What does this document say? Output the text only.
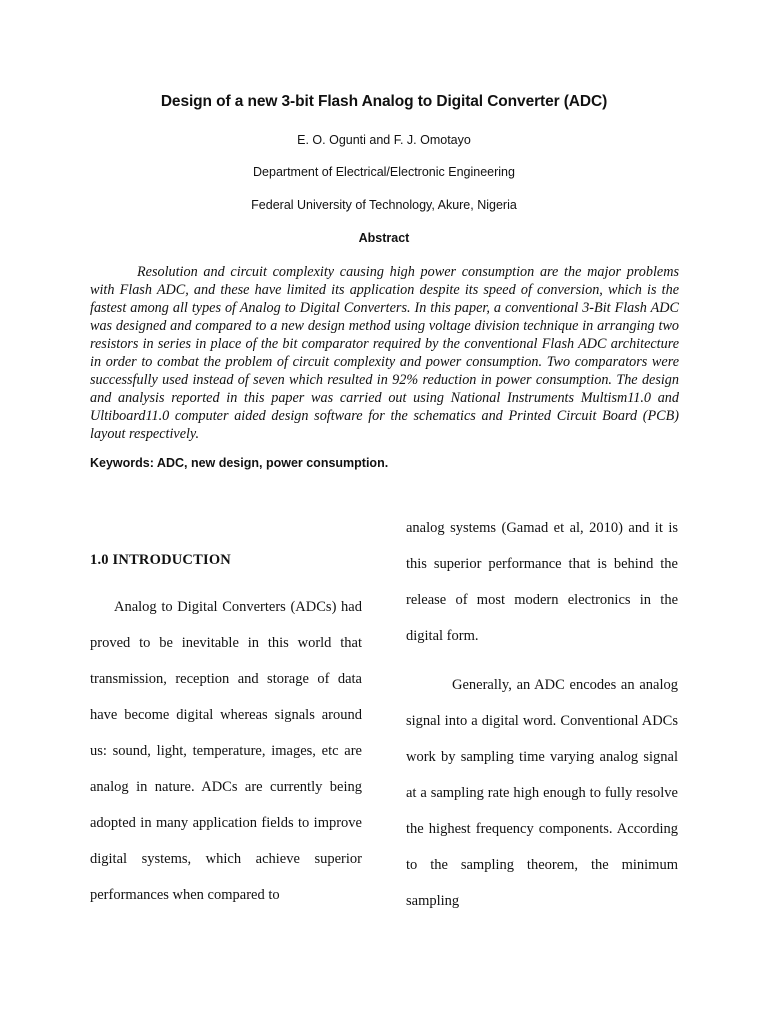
Design of a new 3-bit Flash Analog to Digital Converter (ADC)
E. O. Ogunti and F. J. Omotayo
Department of Electrical/Electronic Engineering
Federal University of Technology, Akure, Nigeria
Abstract

Resolution and circuit complexity causing high power consumption are the major problems with Flash ADC, and these have limited its application despite its speed of conversion, which is the fastest among all types of Analog to Digital Converters. In this paper, a conventional 3-Bit Flash ADC was designed and compared to a new design method using voltage division technique in arranging two resistors in series in place of the bit comparator required by the conventional Flash ADC architecture in order to combat the problem of circuit complexity and power consumption. Two comparators were successfully used instead of seven which resulted in 92% reduction in power consumption. The design and analysis reported in this paper was carried out using National Instruments Multism11.0 and Ultiboard11.0 computer aided design software for the schematics and Printed Circuit Board (PCB) layout respectively.

Keywords: ADC, new design, power consumption.
1.0 INTRODUCTION

Analog to Digital Converters (ADCs) had proved to be inevitable in this world that transmission, reception and storage of data have become digital whereas signals around us: sound, light, temperature, images, etc are analog in nature. ADCs are currently being adopted in many application fields to improve digital systems, which achieve superior performances when compared to

analog systems (Gamad et al, 2010) and it is this superior performance that is behind the release of most modern electronics in the digital form.

Generally, an ADC encodes an analog signal into a digital word. Conventional ADCs work by sampling time varying analog signal at a sampling rate high enough to fully resolve the highest frequency components. According to the sampling theorem, the minimum sampling
